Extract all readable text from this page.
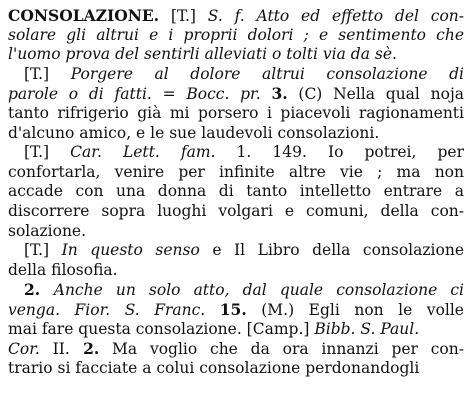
CONSOLAZIONE. [T.] S. f. Atto ed effetto del con-
solare gli altrui e i proprii dolori ; e sentimento che
l'uomo prova del sentirli alleviati o tolti via da sè.
[T.] Porgere al dolore altrui consolazione di
parole o di fatti. = Bocc. pr. 3. (C) Nella qual noja
tanto rifrigerio già mi porsero i piacevoli ragionamenti
d'alcuno amico, e le sue laudevoli consolazioni.
[T.] Car. Lett. fam. 1. 149. Io potrei, per
confortarla, venire per infinite altre vie ; ma non
accade con una donna di tanto intelletto entrare a
discorrere sopra luoghi volgari e comuni, della con-
solazione.
[T.] In questo senso e Il Libro della consolazione
della filosofia.
2. Anche un solo atto, dal quale consolazione ci
venga. Fior. S. Franc. 15. (M.) Egli non le volle
mai fare questa consolazione. [Camp.] Bibb. S. Paul.
Cor. II. 2. Ma voglio che da ora innanzi per con-
trario si facciate a colui consolazione perdonandogli
